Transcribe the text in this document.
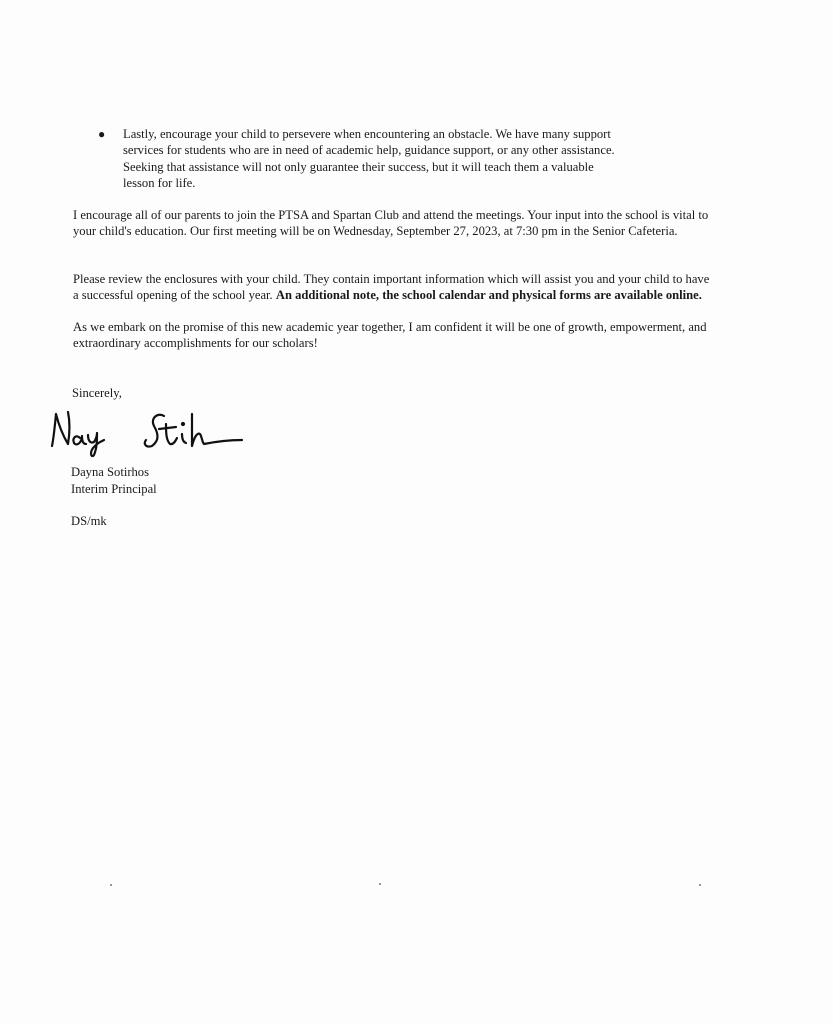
● Lastly, encourage your child to persevere when encountering an obstacle. We have many support
services for students who are in need of academic help, guidance support, or any other assistance.
Seeking that assistance will not only guarantee their success, but it will teach them a valuable
lesson for life.
I encourage all of our parents to join the PTSA and Spartan Club and attend the meetings. Your input into the school is vital to
your child's education. Our first meeting will be on Wednesday, September 27, 2023, at 7:30 pm in the Senior Cafeteria.
Please review the enclosures with your child. They contain important information which will assist you and your child to have
a successful opening of the school year. An additional note, the school calendar and physical forms are available online.
As we embark on the promise of this new academic year together, I am confident it will be one of growth, empowerment, and
extraordinary accomplishments for our scholars!
Sincerely,
Dayna Sotirhos
Interim Principal
DS/mk
